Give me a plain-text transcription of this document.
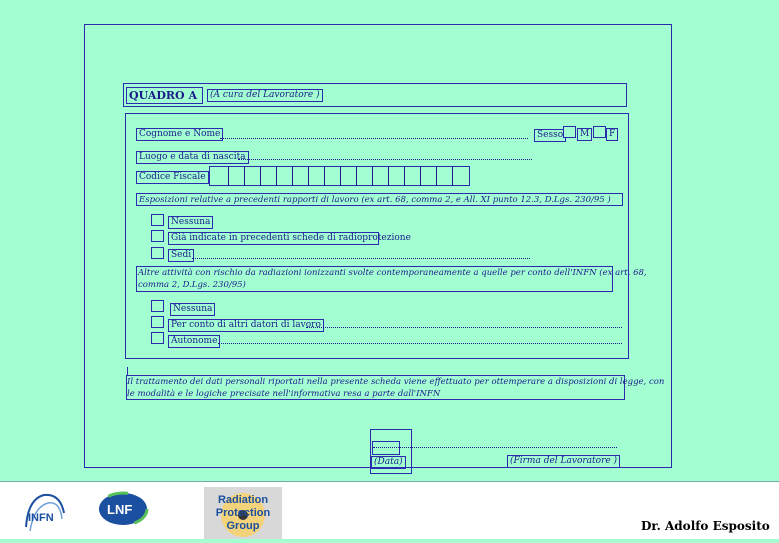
QUADRO A	(A cura del Lavoratore )
Cognome e Nome	Sesso	M	F
Luogo e data di nascita
Codice Fiscale
Esposizioni relative a precedenti rapporti di lavoro (ex art. 68, comma 2, e All. XI punto 12.3, D.Lgs. 230/95 )
Nessuna
Già indicate in precedenti schede di radioprotezione
Sedi
Altre attività con rischio da radiazioni ionizzanti svolte contemporaneamente a quelle per conto dell'INFN (ex art. 68,
comma 2, D.Lgs. 230/95)
Nessuna
Per conto di altri datori di lavoro
Autonome
Il trattamento dei dati personali riportati nella presente scheda viene effettuato per ottemperare a disposizioni di legge, con
le modalità e le logiche precisate nell'informativa resa a parte dall'INFN
(Data)	(Firma del Lavoratore )
INFN
LNF
Radiation
Protection
Group	Dr. Adolfo Esposito
